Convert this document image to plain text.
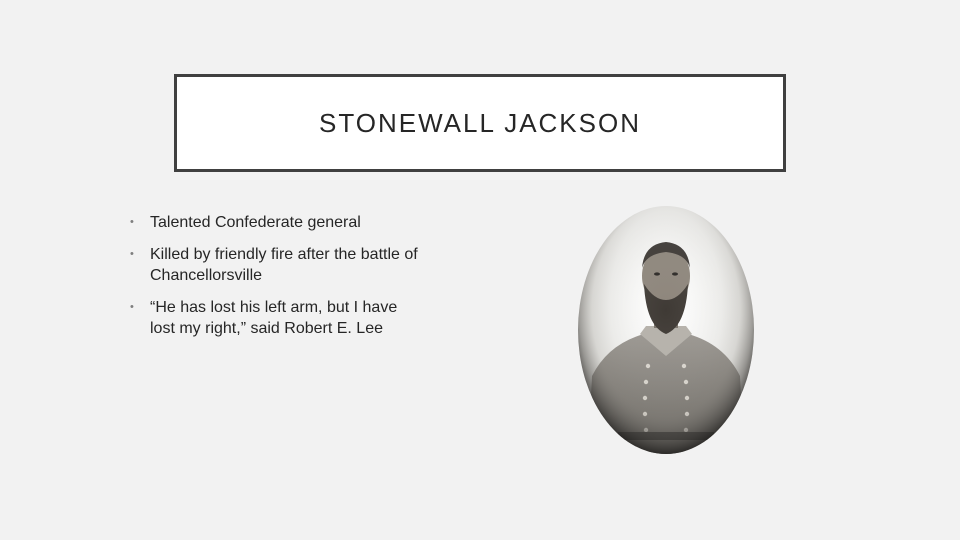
STONEWALL JACKSON
• Talented Confederate general
• Killed by friendly fire after the battle of
Chancellorsville
• “He has lost his left arm, but I have
lost my right,” said Robert E. Lee
